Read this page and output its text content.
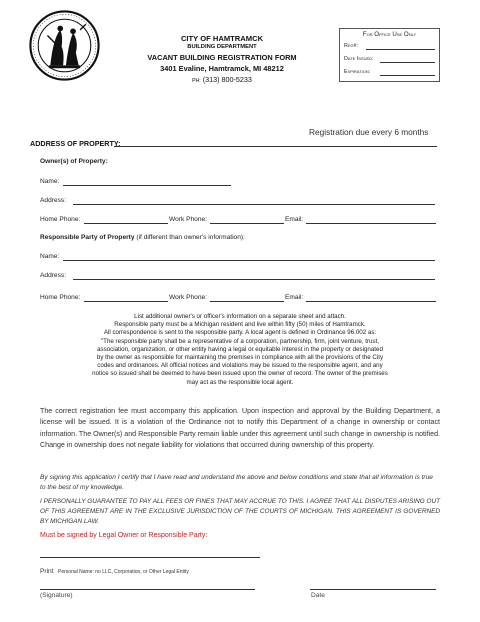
CITY OF HAMTRAMCK
BUILDING DEPARTMENT
VACANT BUILDING REGISTRATION FORM
3401 Evaline, Hamtramck, MI 48212
PH: (313) 800-5233
For Office Use Only
Reg#:
Date Issued:
Expiration:
Registration due every 6 months
ADDRESS OF PROPERTY:
Owner(s) of Property:
Name:
Address:
Home Phone:	Work Phone:	Email:
Responsible Party of Property (if different than owner's information):
Name:
Address:
Home Phone:	Work Phone:	Email:
List additional owner's or officer's information on a separate sheet and attach.
Responsible party must be a Michigan resident and live within fifty (50) miles of Hamtramck.
All correspondence is sent to the responsible party. A local agent is defined in Ordinance 96.002 as:
"The responsible party shall be a representative of a corporation, partnership, firm, joint venture, trust,
association, organization, or other entity having a legal or equitable interest in the property or designated
by the owner as responsible for maintaining the premises in compliance with all the provisions of the City
codes and ordinances. All official notices and violations may be issued to the responsible agent, and any
notice so issued shall be deemed to have been issued upon the owner of record. The owner of the premises
may act as the responsible local agent.
The correct registration fee must accompany this application. Upon inspection and approval by the Building Department, a license will be issued. It is a violation of the Ordinance not to notify this Department of a change in ownership or contact information. The Owner(s) and Responsible Party remain liable under this agreement until such change in ownership is notified. Change in ownership does not negate liability for violations that occurred during ownership of this property.
By signing this application I certify that I have read and understand the above and below conditions and state that all information is true to the best of my knowledge.
I PERSONALLY GUARANTEE TO PAY ALL FEES OR FINES THAT MAY ACCRUE TO THIS. I AGREE THAT ALL DISPUTES ARISING OUT OF THIS AGREEMENT ARE IN THE EXCLUSIVE JURISDICTION OF THE COURTS OF MICHIGAN. THIS AGREEMENT IS GOVERNED BY MICHIGAN LAW.
Must be signed by Legal Owner or Responsible Party:
Print Personal Name: no LLC, Corporation, or Other Legal Entity
(Signature)	Date
